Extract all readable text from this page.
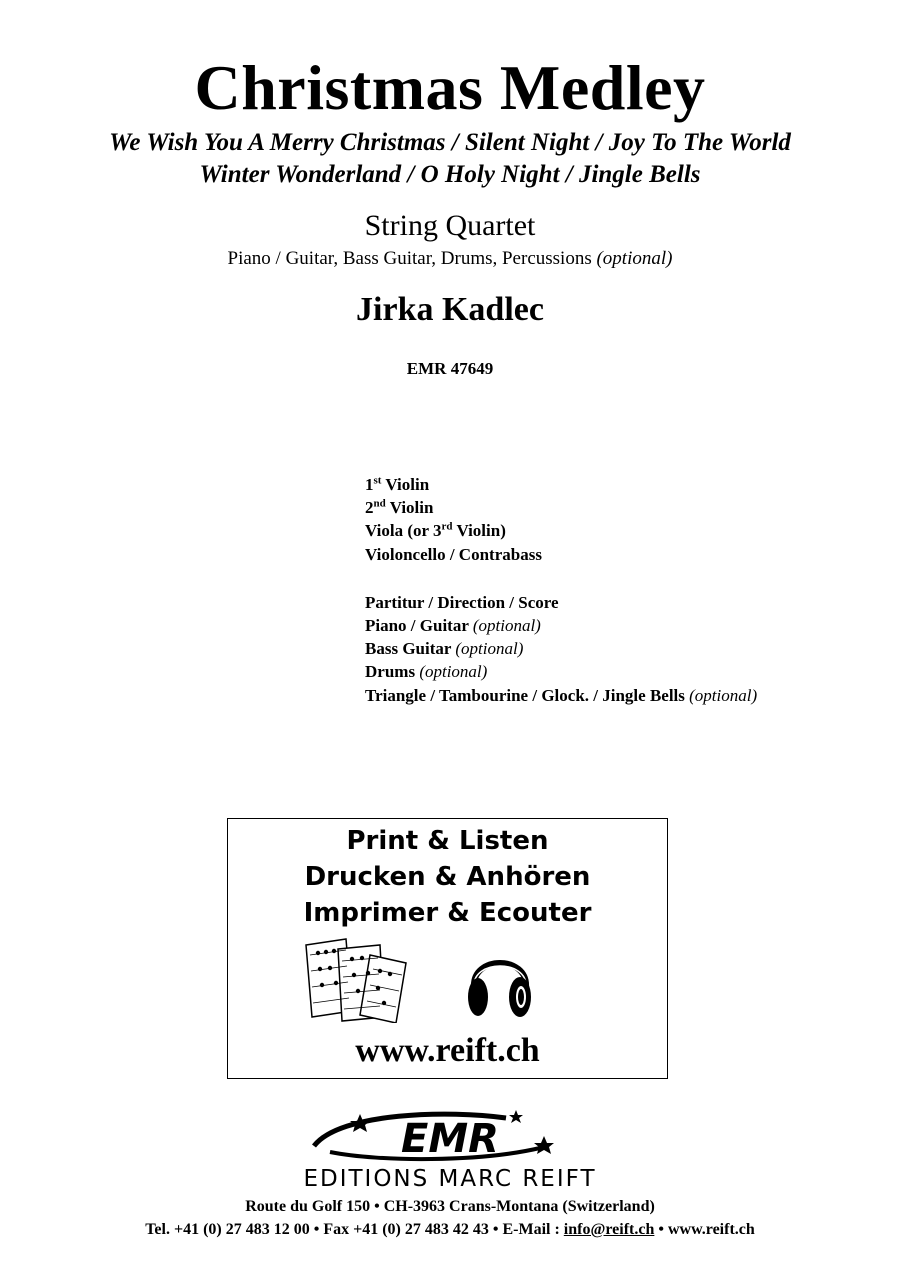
Christmas Medley
We Wish You A Merry Christmas / Silent Night / Joy To The World
Winter Wonderland / O Holy Night / Jingle Bells
String Quartet
Piano / Guitar, Bass Guitar, Drums, Percussions (optional)
Jirka Kadlec
EMR 47649
1st Violin
2nd Violin
Viola (or 3rd Violin)
Violoncello / Contrabass
Partitur / Direction / Score
Piano / Guitar (optional)
Bass Guitar (optional)
Drums (optional)
Triangle / Tambourine / Glock. / Jingle Bells (optional)
Print & Listen
Drucken & Anhören
Imprimer & Ecouter
www.reift.ch
EMR
EDITIONS MARC REIFT
Route du Golf 150 • CH-3963 Crans-Montana (Switzerland)
Tel. +41 (0) 27 483 12 00 • Fax +41 (0) 27 483 42 43 • E-Mail : info@reift.ch • www.reift.ch
